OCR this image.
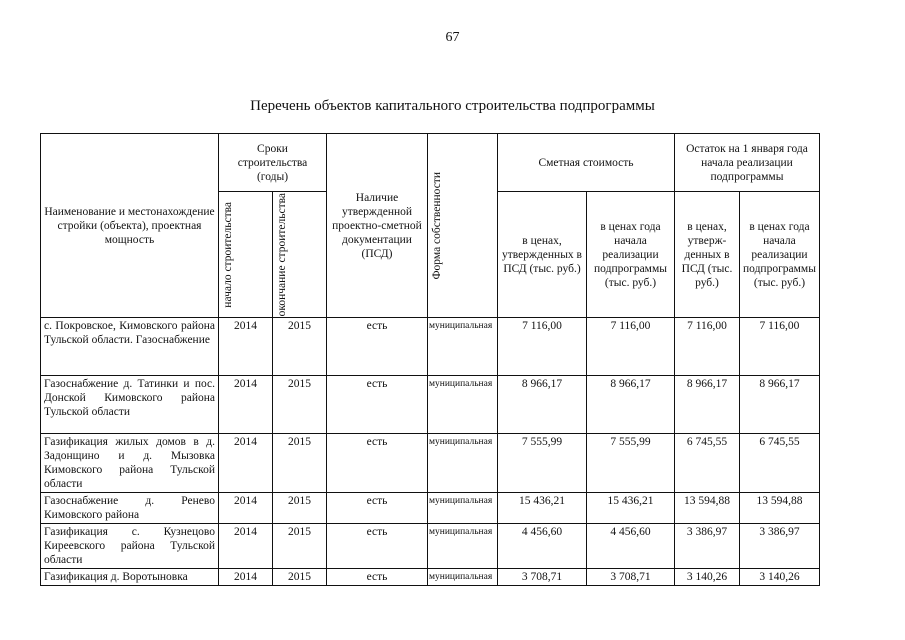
67
Перечень объектов капитального строительства подпрограммы
Наименование и местонахождение стройки (объекта), проектная мощность	Сроки строительства (годы)		Наличие утвержденной проектно-сметной документации (ПСД)	Форма собственности	Сметная стоимость		Остаток на 1 января года начала реализации подпрограммы	

	начало строительства	окончание строительства			в ценах, утвержденных в ПСД (тыс. руб.)	в ценах года начала реализации подпрограммы (тыс. руб.)	в ценах, утверж-денных в ПСД (тыс. руб.)	в ценах года начала реализации подпрограммы (тыс. руб.)
с. Покровское, Кимовского района Тульской области. Газоснабжение	2014	2015	есть	муниципальная	7 116,00	7 116,00	7 116,00	7 116,00
Газоснабжение д. Татинки и пос. Донской Кимовского района Тульской области	2014	2015	есть	муниципальная	8 966,17	8 966,17	8 966,17	8 966,17
Газификация жилых домов в д. Задонщино и д. Мызовка Кимовского района Тульской области	2014	2015	есть	муниципальная	7 555,99	7 555,99	6 745,55	6 745,55
Газоснабжение д. Ренево Кимовского района	2014	2015	есть	муниципальная	15 436,21	15 436,21	13 594,88	13 594,88
Газификация с. Кузнецово Киреевского района Тульской области	2014	2015	есть	муниципальная	4 456,60	4 456,60	3 386,97	3 386,97
Газификация д. Воротыновка	2014	2015	есть	муниципальная	3 708,71	3 708,71	3 140,26	3 140,26
